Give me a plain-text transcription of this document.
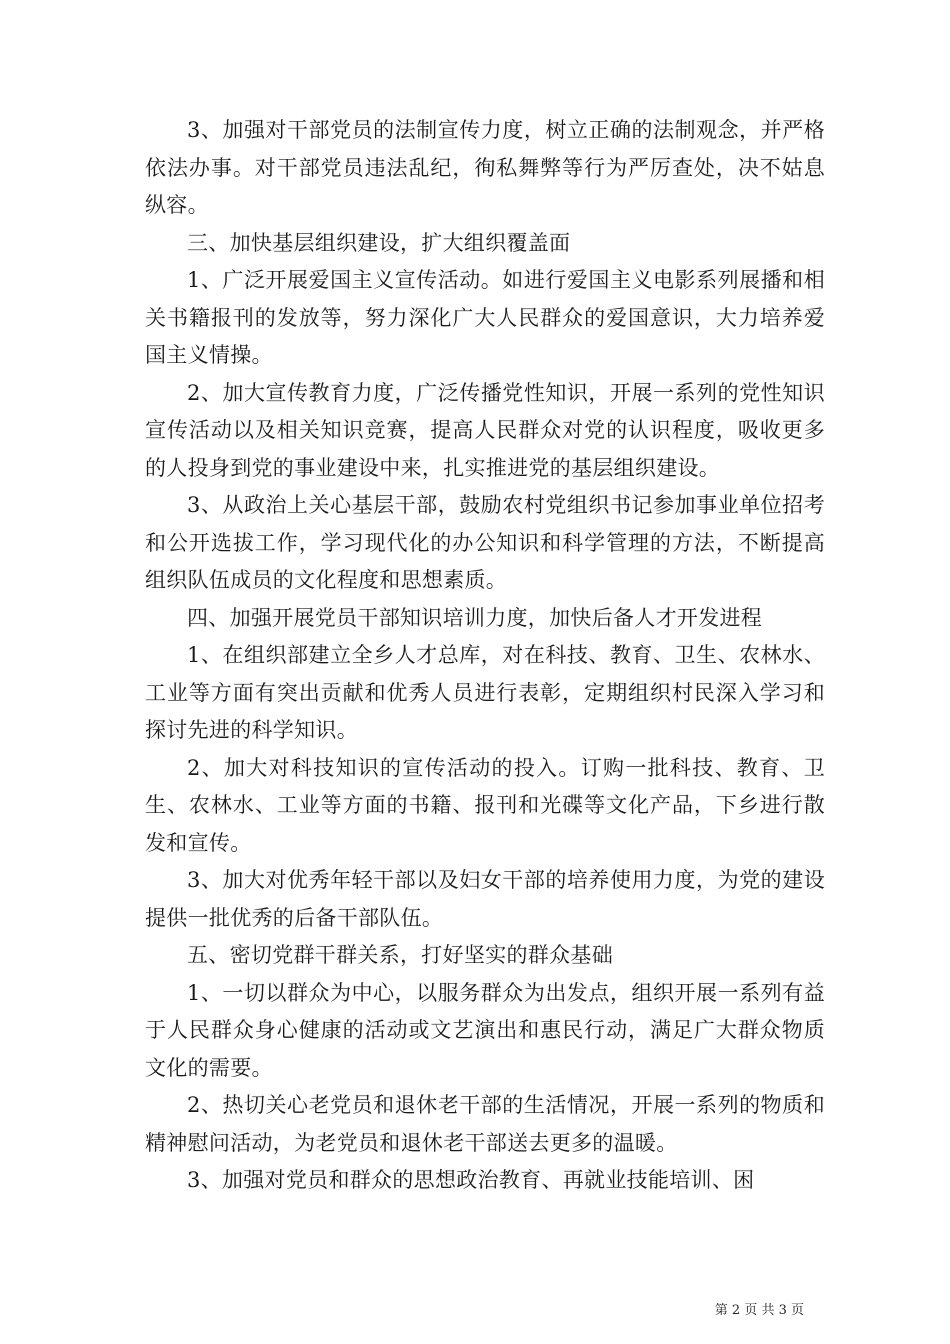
3、加强对干部党员的法制宣传力度，树立正确的法制观念，并严格依法办事。对干部党员违法乱纪，徇私舞弊等行为严厉查处，决不姑息纵容。

三、加快基层组织建设，扩大组织覆盖面

1、广泛开展爱国主义宣传活动。如进行爱国主义电影系列展播和相关书籍报刊的发放等，努力深化广大人民群众的爱国意识，大力培养爱国主义情操。

2、加大宣传教育力度，广泛传播党性知识，开展一系列的党性知识宣传活动以及相关知识竞赛，提高人民群众对党的认识程度，吸收更多的人投身到党的事业建设中来，扎实推进党的基层组织建设。

3、从政治上关心基层干部，鼓励农村党组织书记参加事业单位招考和公开选拔工作，学习现代化的办公知识和科学管理的方法，不断提高组织队伍成员的文化程度和思想素质。

四、加强开展党员干部知识培训力度，加快后备人才开发进程

1、在组织部建立全乡人才总库，对在科技、教育、卫生、农林水、工业等方面有突出贡献和优秀人员进行表彰，定期组织村民深入学习和探讨先进的科学知识。

2、加大对科技知识的宣传活动的投入。订购一批科技、教育、卫生、农林水、工业等方面的书籍、报刊和光碟等文化产品，下乡进行散发和宣传。

3、加大对优秀年轻干部以及妇女干部的培养使用力度，为党的建设提供一批优秀的后备干部队伍。

五、密切党群干群关系，打好坚实的群众基础

1、一切以群众为中心，以服务群众为出发点，组织开展一系列有益于人民群众身心健康的活动或文艺演出和惠民行动，满足广大群众物质文化的需要。

2、热切关心老党员和退休老干部的生活情况，开展一系列的物质和精神慰问活动，为老党员和退休老干部送去更多的温暖。

3、加强对党员和群众的思想政治教育、再就业技能培训、困

第 2 页 共 3 页
